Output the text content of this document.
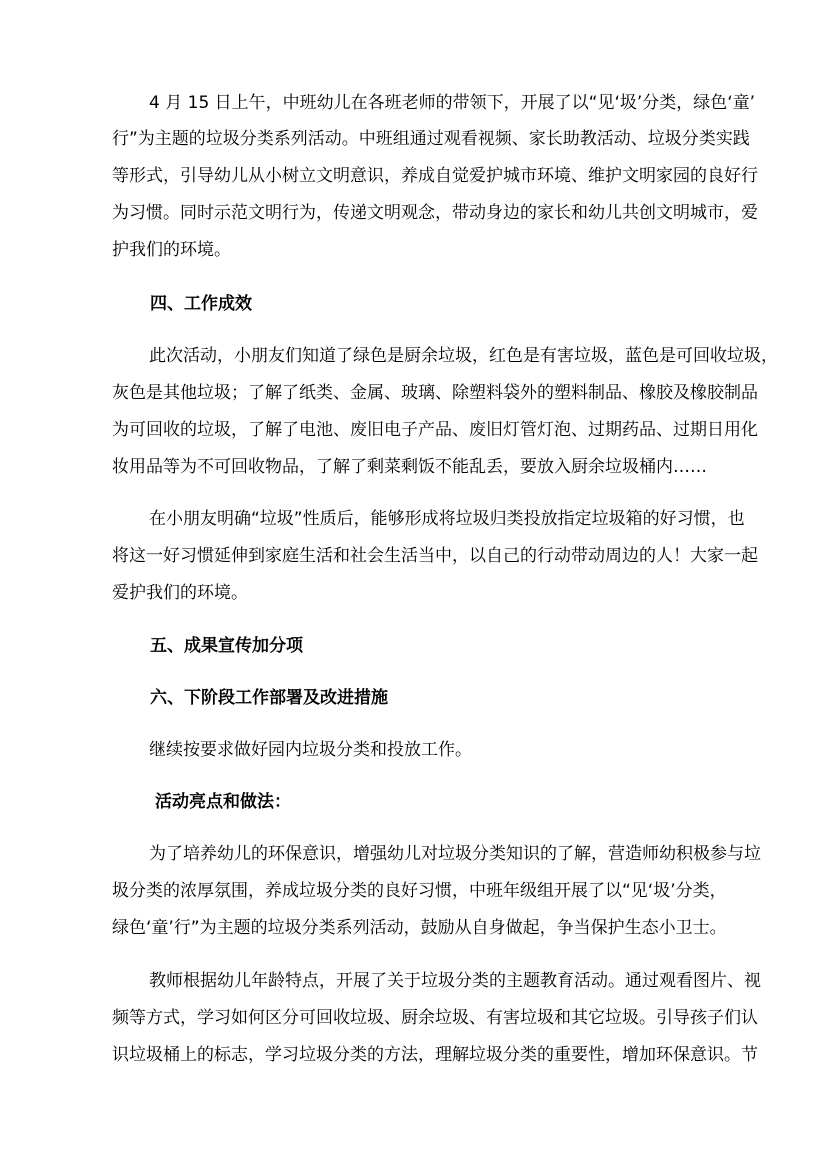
4 月 15 日上午，中班幼儿在各班老师的带领下，开展了以“见‘圾’分类，绿色‘童’

行”为主题的垃圾分类系列活动。中班组通过观看视频、家长助教活动、垃圾分类实践

等形式，引导幼儿从小树立文明意识，养成自觉爱护城市环境、维护文明家园的良好行

为习惯。同时示范文明行为，传递文明观念，带动身边的家长和幼儿共创文明城市，爱

护我们的环境。

四、工作成效

此次活动，小朋友们知道了绿色是厨余垃圾，红色是有害垃圾，蓝色是可回收垃圾，

灰色是其他垃圾；了解了纸类、金属、玻璃、除塑料袋外的塑料制品、橡胶及橡胶制品

为可回收的垃圾，了解了电池、废旧电子产品、废旧灯管灯泡、过期药品、过期日用化

妆用品等为不可回收物品，了解了剩菜剩饭不能乱丢，要放入厨余垃圾桶内……

在小朋友明确“垃圾”性质后，能够形成将垃圾归类投放指定垃圾箱的好习惯，也

将这一好习惯延伸到家庭生活和社会生活当中，以自己的行动带动周边的人！大家一起

爱护我们的环境。

五、成果宣传加分项

六、下阶段工作部署及改进措施

继续按要求做好园内垃圾分类和投放工作。

活动亮点和做法：

为了培养幼儿的环保意识，增强幼儿对垃圾分类知识的了解，营造师幼积极参与垃

圾分类的浓厚氛围，养成垃圾分类的良好习惯，中班年级组开展了以“见‘圾’分类，

绿色‘童’行”为主题的垃圾分类系列活动，鼓励从自身做起，争当保护生态小卫士。

教师根据幼儿年龄特点，开展了关于垃圾分类的主题教育活动。通过观看图片、视

频等方式，学习如何区分可回收垃圾、厨余垃圾、有害垃圾和其它垃圾。引导孩子们认

识垃圾桶上的标志，学习垃圾分类的方法，理解垃圾分类的重要性，增加环保意识。节
